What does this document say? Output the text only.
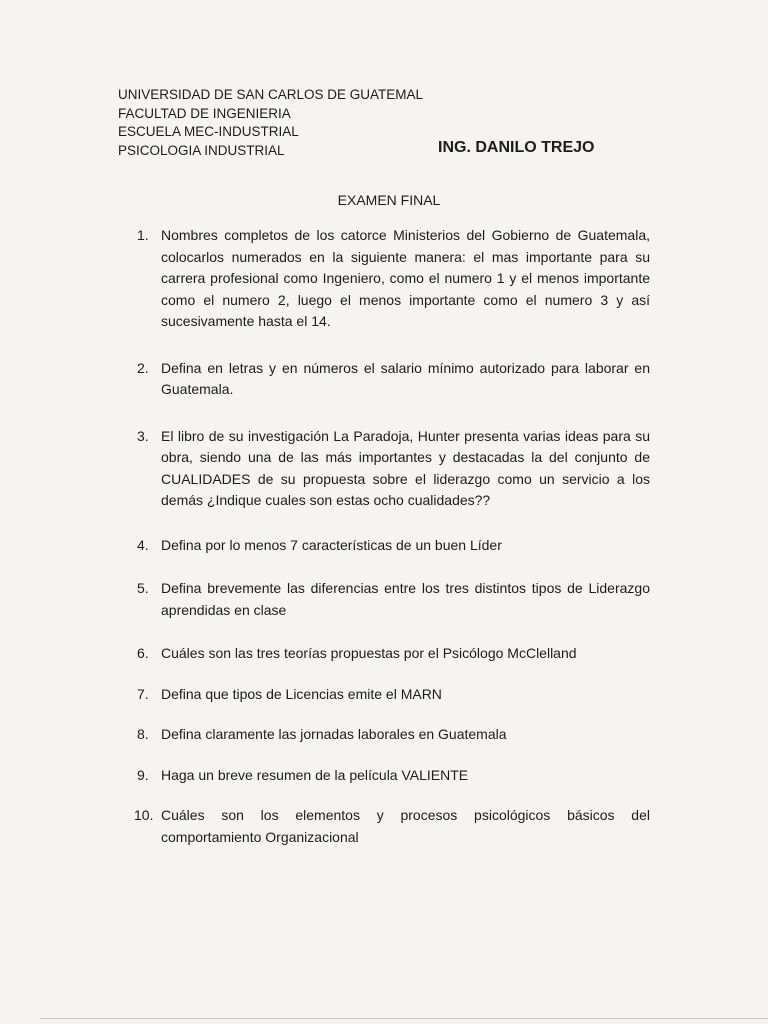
UNIVERSIDAD DE SAN CARLOS DE GUATEMAL
FACULTAD DE INGENIERIA
ESCUELA MEC-INDUSTRIAL
PSICOLOGIA INDUSTRIAL	ING. DANILO TREJO
EXAMEN FINAL
1. Nombres completos de los catorce Ministerios del Gobierno de Guatemala, colocarlos numerados en la siguiente manera: el mas importante para su carrera profesional como Ingeniero, como el numero 1 y el menos importante como el numero 2, luego el menos importante como el numero 3 y así sucesivamente hasta el 14.
2. Defina en letras y en números el salario mínimo autorizado para laborar en Guatemala.
3. El libro de su investigación La Paradoja, Hunter presenta varias ideas para su obra, siendo una de las más importantes y destacadas la del conjunto de CUALIDADES de su propuesta sobre el liderazgo como un servicio a los demás ¿Indique cuales son estas ocho cualidades??
4. Defina por lo menos 7 características de un buen Líder
5. Defina brevemente las diferencias entre los tres distintos tipos de Liderazgo aprendidas en clase
6. Cuáles son las tres teorías propuestas por el Psicólogo McClelland
7. Defina que tipos de Licencias emite el MARN
8. Defina claramente las jornadas laborales en Guatemala
9. Haga un breve resumen de la película VALIENTE
10. Cuáles son los elementos y procesos psicológicos básicos del comportamiento Organizacional
